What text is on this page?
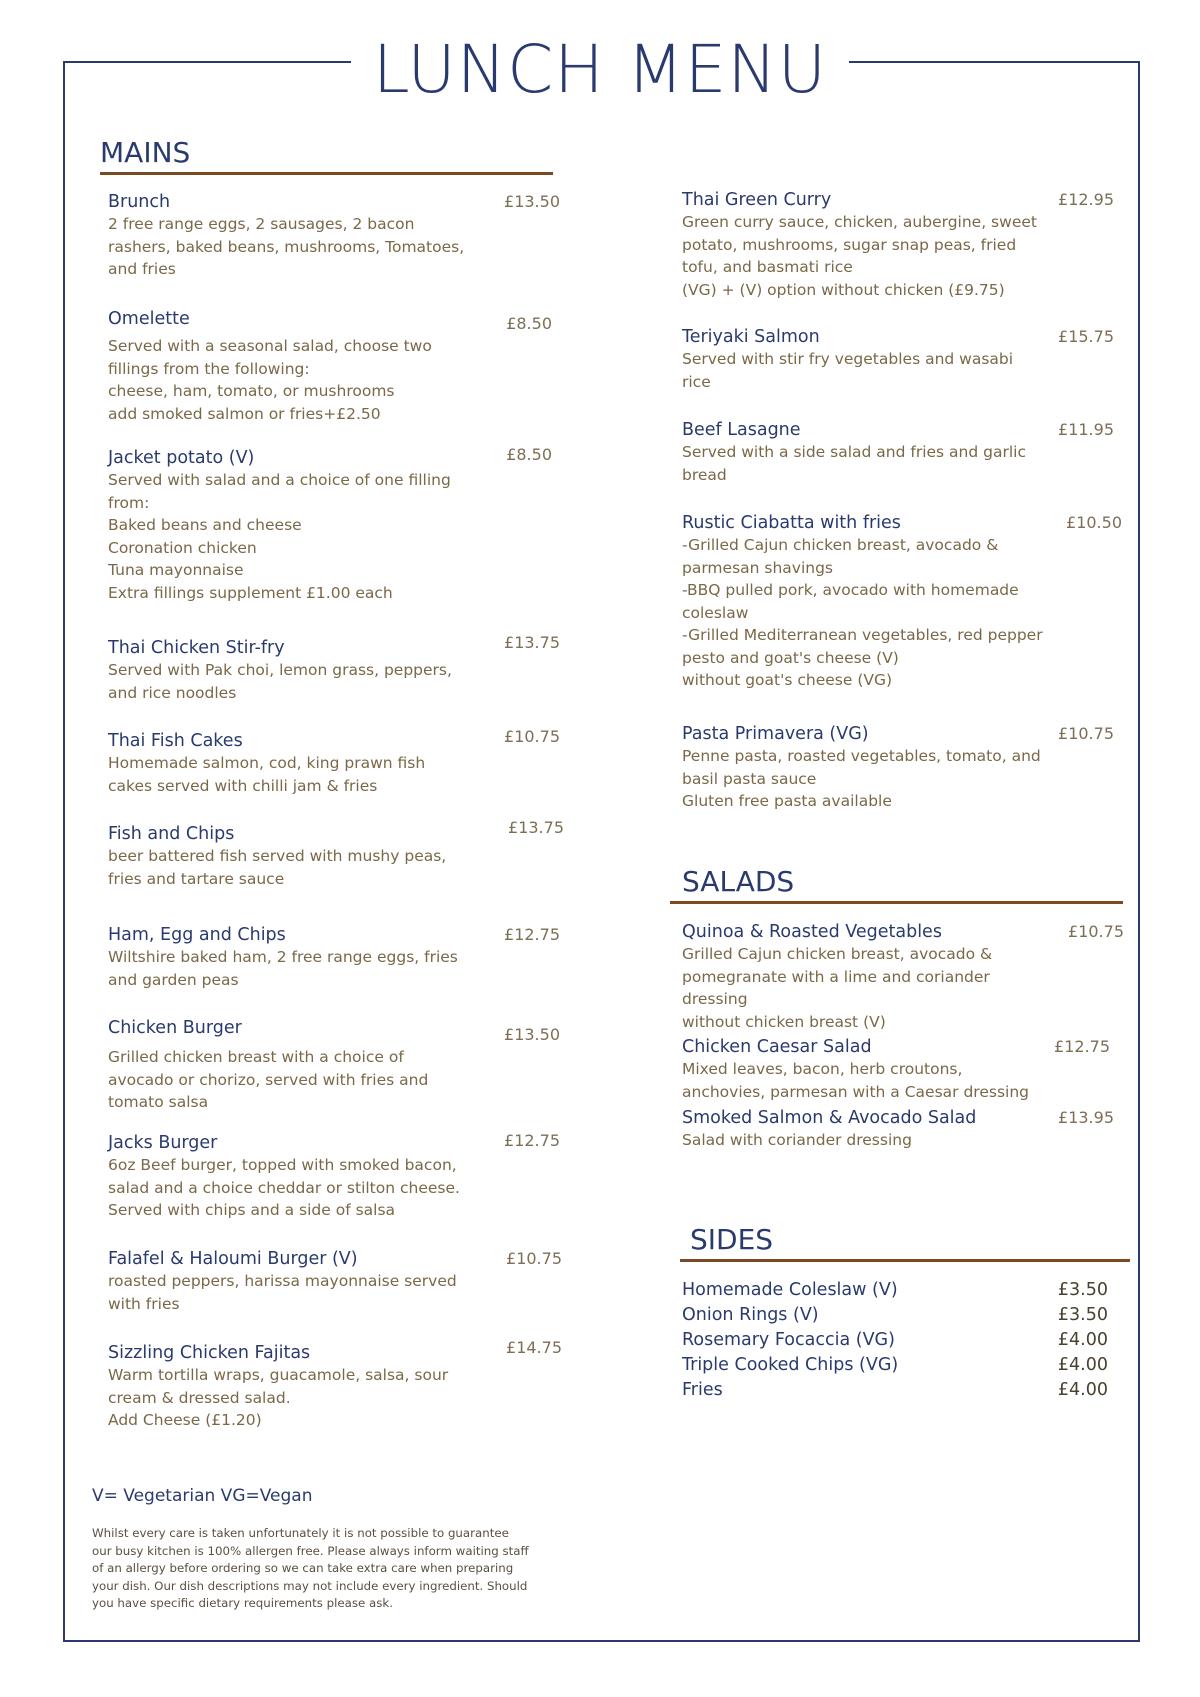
LUNCH MENU
MAINS
SALADS
SIDES
Brunch	£13.50
2 free range eggs, 2 sausages, 2 bacon
rashers, baked beans, mushrooms, Tomatoes,
and fries
Omelette	£8.50
Served with a seasonal salad, choose two
fillings from the following:
cheese, ham, tomato, or mushrooms
add smoked salmon or fries+£2.50
Jacket potato (V)	£8.50
Served with salad and a choice of one filling
from:
Baked beans and cheese
Coronation chicken
Tuna mayonnaise
Extra fillings supplement £1.00 each
Thai Chicken Stir-fry	£13.75
Served with Pak choi, lemon grass, peppers,
and rice noodles
Thai Fish Cakes	£10.75
Homemade salmon, cod, king prawn fish
cakes served with chilli jam & fries
Fish and Chips	£13.75
beer battered fish served with mushy peas,
fries and tartare sauce
Ham, Egg and Chips	£12.75
Wiltshire baked ham, 2 free range eggs, fries
and garden peas
Chicken Burger	£13.50
Grilled chicken breast with a choice of
avocado or chorizo, served with fries and
tomato salsa
Jacks Burger	£12.75
6oz Beef burger, topped with smoked bacon,
salad and a choice cheddar or stilton cheese.
Served with chips and a side of salsa
Falafel & Haloumi Burger (V)	£10.75
roasted peppers, harissa mayonnaise served
with fries
Sizzling Chicken Fajitas	£14.75
Warm tortilla wraps, guacamole, salsa, sour
cream & dressed salad.
Add Cheese (£1.20)
Thai Green Curry	£12.95
Green curry sauce, chicken, aubergine, sweet
potato, mushrooms, sugar snap peas, fried
tofu, and basmati rice
(VG) + (V) option without chicken (£9.75)
Teriyaki Salmon	£15.75
Served with stir fry vegetables and wasabi
rice
Beef Lasagne	£11.95
Served with a side salad and fries and garlic
bread
Rustic Ciabatta with fries	£10.50
-Grilled Cajun chicken breast, avocado &
parmesan shavings
-BBQ pulled pork, avocado with homemade
coleslaw
-Grilled Mediterranean vegetables, red pepper
pesto and goat's cheese (V)
without goat's cheese (VG)
Pasta Primavera (VG)	£10.75
Penne pasta, roasted vegetables, tomato, and
basil pasta sauce
Gluten free pasta available
Quinoa & Roasted Vegetables	£10.75
Grilled Cajun chicken breast, avocado &
pomegranate with a lime and coriander
dressing
without chicken breast (V)
Chicken Caesar Salad	£12.75
Mixed leaves, bacon, herb croutons,
anchovies, parmesan with a Caesar dressing
Smoked Salmon & Avocado Salad	£13.95
Salad with coriander dressing
Homemade Coleslaw (V)	£3.50
Onion Rings (V)	£3.50
Rosemary Focaccia (VG)	£4.00
Triple Cooked Chips (VG)	£4.00
Fries	£4.00
V= Vegetarian VG=Vegan
Whilst every care is taken unfortunately it is not possible to guarantee our busy kitchen is 100% allergen free. Please always inform waiting staff of an allergy before ordering so we can take extra care when preparing your dish. Our dish descriptions may not include every ingredient. Should you have specific dietary requirements please ask.
